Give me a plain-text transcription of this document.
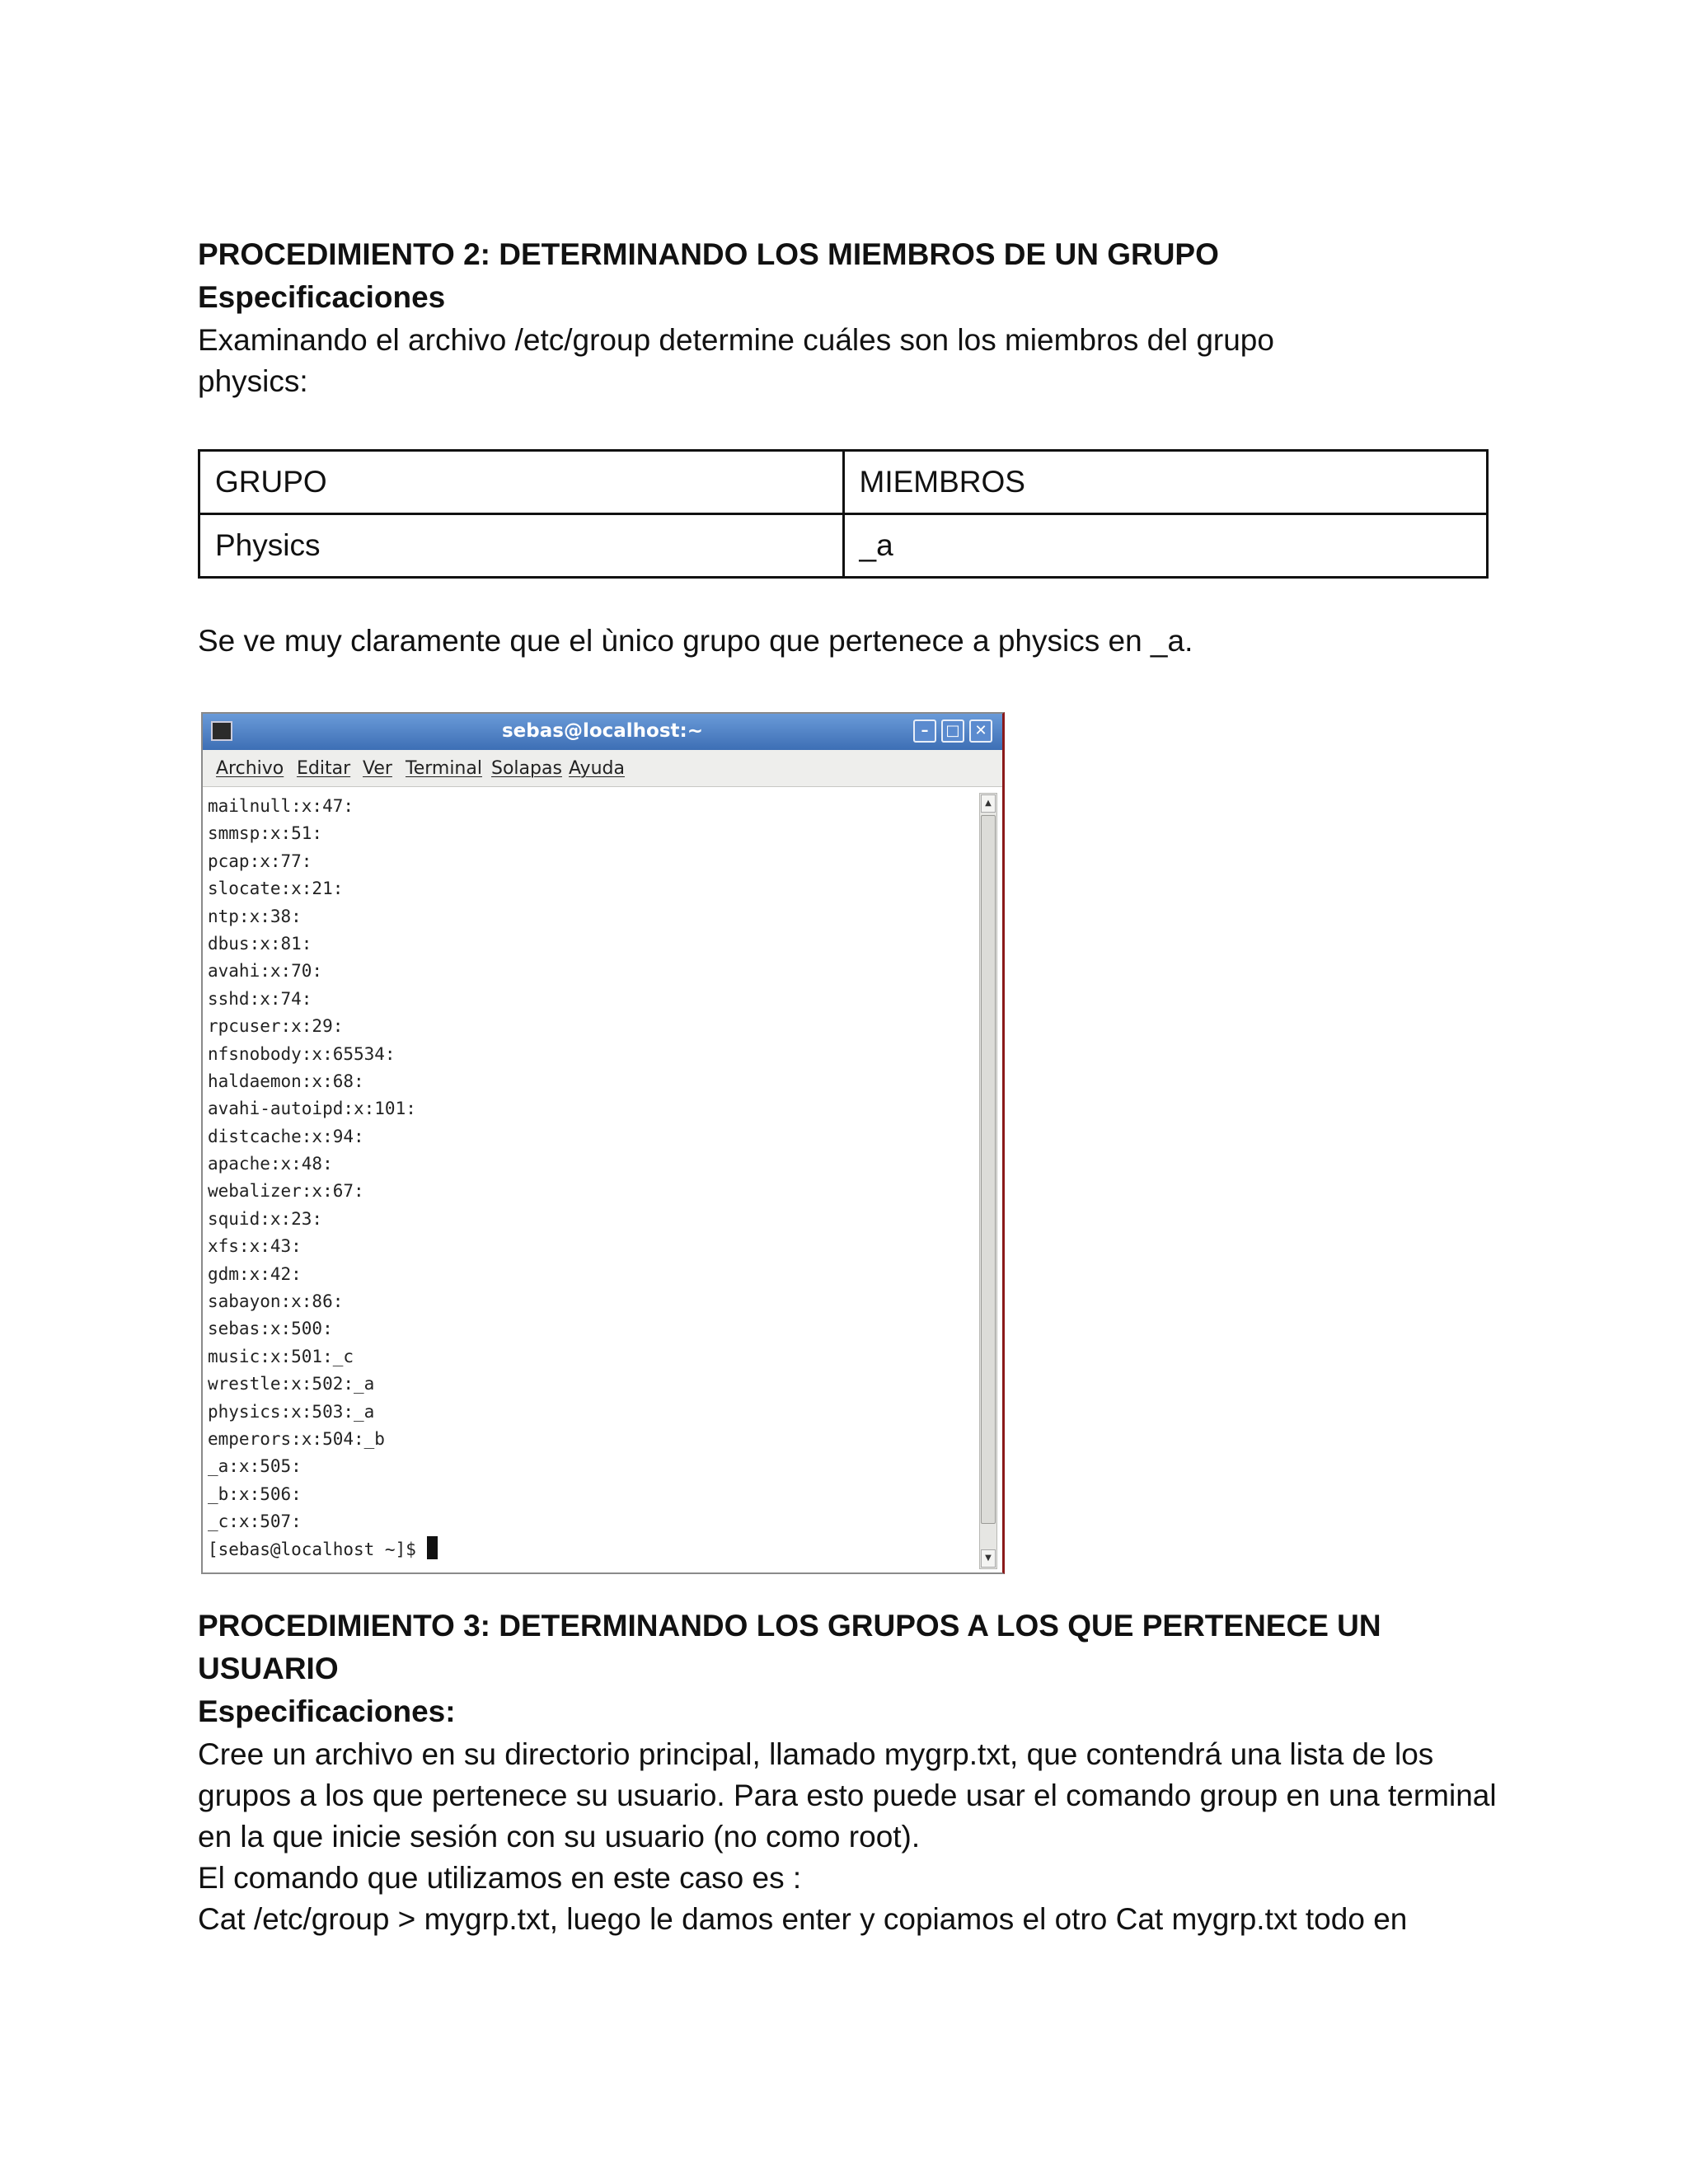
PROCEDIMIENTO 2: DETERMINANDO LOS MIEMBROS DE UN GRUPO
Especificaciones
Examinando el archivo /etc/group determine cuáles son los miembros del grupo
physics:
GRUPO	MIEMBROS
Physics	_a
Se ve muy claramente que el ùnico grupo que pertenece a physics en _a.
sebas@localhost:~	–	□ ✕
Archivo Editar Ver Terminal Solapas Ayuda
mailnull:x:47:
smmsp:x:51:
pcap:x:77:
slocate:x:21:
ntp:x:38:
dbus:x:81:
avahi:x:70:
sshd:x:74:
rpcuser:x:29:
nfsnobody:x:65534:
haldaemon:x:68:
avahi-autoipd:x:101:
distcache:x:94:
apache:x:48:
webalizer:x:67:
squid:x:23:
xfs:x:43:
gdm:x:42:
sabayon:x:86:
sebas:x:500:
music:x:501:_c
wrestle:x:502:_a
physics:x:503:_a
emperors:x:504:_b
_a:x:505:
_b:x:506:
_c:x:507:
[sebas@localhost ~]$
▲
▼
PROCEDIMIENTO 3: DETERMINANDO LOS GRUPOS A LOS QUE PERTENECE UN
USUARIO
Especificaciones:
Cree un archivo en su directorio principal, llamado mygrp.txt, que contendrá una lista de los
grupos a los que pertenece su usuario. Para esto puede usar el comando group en una terminal
en la que inicie sesión con su usuario (no como root).
El comando que utilizamos en este caso es :
Cat /etc/group > mygrp.txt, luego le damos enter y copiamos el otro Cat mygrp.txt todo en
